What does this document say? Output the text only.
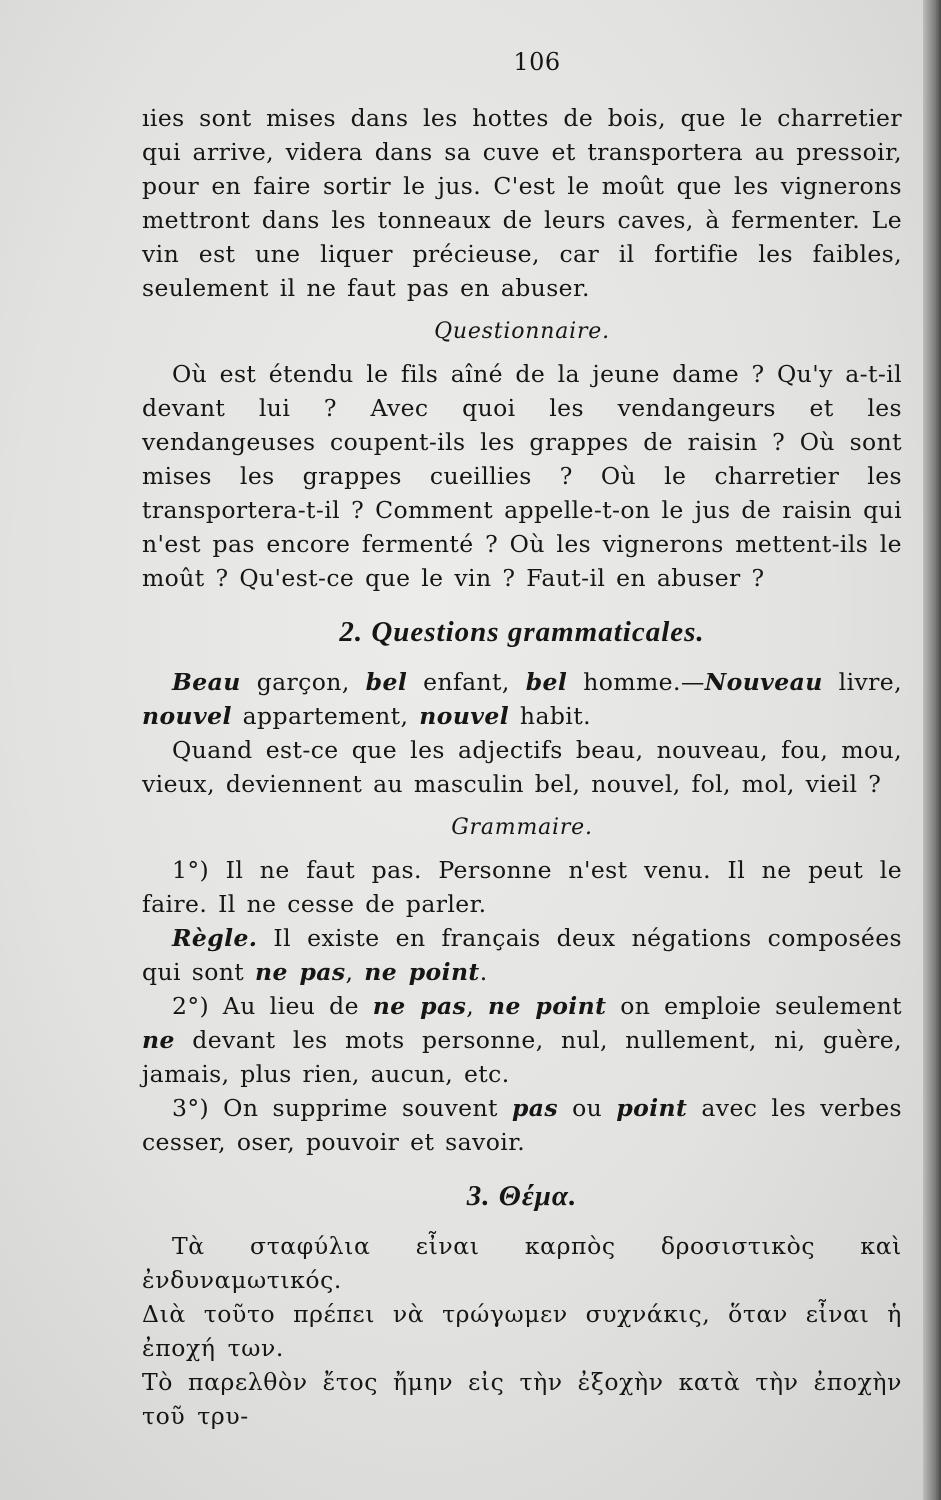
106

ıies sont mises dans les hottes de bois, que le charretier qui arrive, videra dans sa cuve et transportera au pressoir, pour en faire sortir le jus. C'est le moût que les vignerons mettront dans les tonneaux de leurs caves, à fermenter. Le vin est une liquer précieuse, car il fortifie les faibles, seulement il ne faut pas en abuser.

Questionnaire.

Où est étendu le fils aîné de la jeune dame ? Qu'y a-t-il devant lui ? Avec quoi les vendangeurs et les vendangeuses coupent-ils les grappes de raisin ? Où sont mises les grappes cueillies ? Où le charretier les transportera-t-il ? Comment appelle-t-on le jus de raisin qui n'est pas encore fermenté ? Où les vignerons mettent-ils le moût ? Qu'est-ce que le vin ? Faut-il en abuser ?

2. Questions grammaticales.

Beau garçon, bel enfant, bel homme.—Nouveau livre, nouvel appartement, nouvel habit.

Quand est-ce que les adjectifs beau, nouveau, fou, mou, vieux, deviennent au masculin bel, nouvel, fol, mol, vieil ?

Grammaire.

1°) Il ne faut pas. Personne n'est venu. Il ne peut le faire. Il ne cesse de parler.

Règle. Il existe en français deux négations composées qui sont ne pas, ne point.

2°) Au lieu de ne pas, ne point on emploie seulement ne devant les mots personne, nul, nullement, ni, guère, jamais, plus rien, aucun, etc.

3°) On supprime souvent pas ou point avec les verbes cesser, oser, pouvoir et savoir.

3. Θέμα.

Τὰ σταφύλια εἶναι καρπὸς δροσιστικὸς καὶ ἐνδυναμωτικός.

Διὰ τοῦτο πρέπει νὰ τρώγωμεν συχνάκις, ὅταν εἶναι ἡ ἐποχή των.

Τὸ παρελθὸν ἔτος ἤμην εἰς τὴν ἐξοχὴν κατὰ τὴν ἐποχὴν τοῦ τρυ-
